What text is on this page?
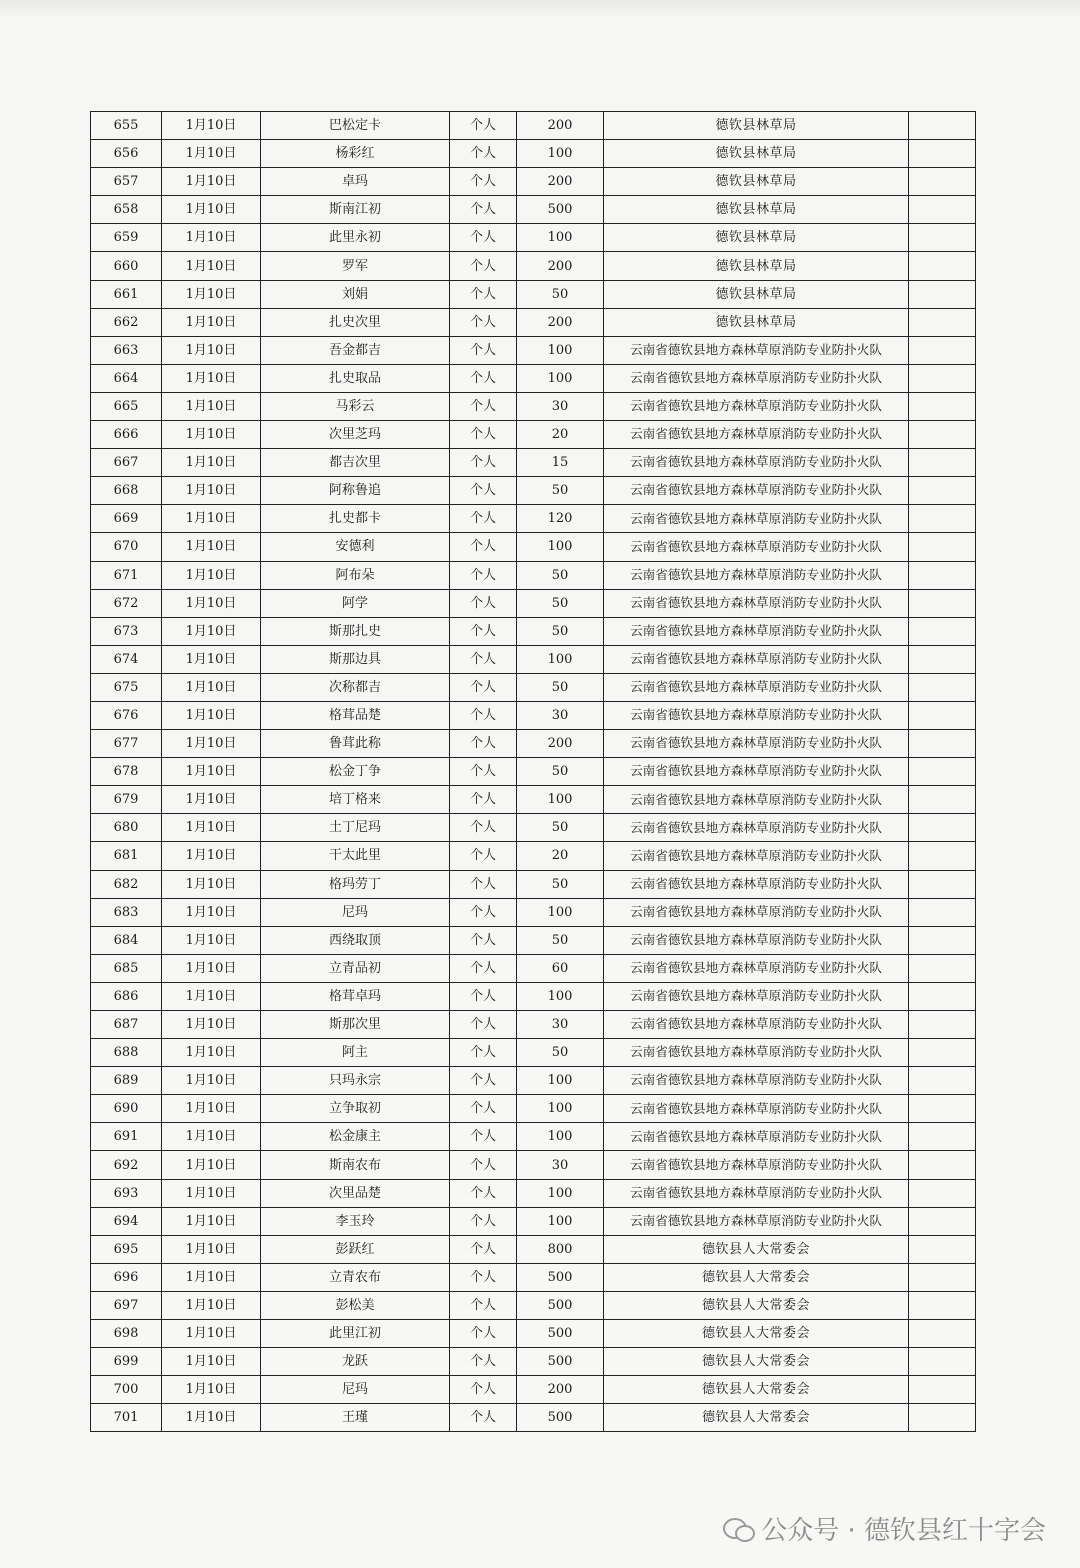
655	1月10日	巴松定卡	个人	200	德钦县林草局	
656	1月10日	杨彩红	个人	100	德钦县林草局	
657	1月10日	卓玛	个人	200	德钦县林草局	
658	1月10日	斯南江初	个人	500	德钦县林草局	
659	1月10日	此里永初	个人	100	德钦县林草局	
660	1月10日	罗军	个人	200	德钦县林草局	
661	1月10日	刘娟	个人	50	德钦县林草局	
662	1月10日	扎史次里	个人	200	德钦县林草局	
663	1月10日	吾金都吉	个人	100	云南省德钦县地方森林草原消防专业防扑火队	
664	1月10日	扎史取品	个人	100	云南省德钦县地方森林草原消防专业防扑火队	
665	1月10日	马彩云	个人	30	云南省德钦县地方森林草原消防专业防扑火队	
666	1月10日	次里芝玛	个人	20	云南省德钦县地方森林草原消防专业防扑火队	
667	1月10日	都吉次里	个人	15	云南省德钦县地方森林草原消防专业防扑火队	
668	1月10日	阿称鲁追	个人	50	云南省德钦县地方森林草原消防专业防扑火队	
669	1月10日	扎史都卡	个人	120	云南省德钦县地方森林草原消防专业防扑火队	
670	1月10日	安德利	个人	100	云南省德钦县地方森林草原消防专业防扑火队	
671	1月10日	阿布朵	个人	50	云南省德钦县地方森林草原消防专业防扑火队	
672	1月10日	阿学	个人	50	云南省德钦县地方森林草原消防专业防扑火队	
673	1月10日	斯那扎史	个人	50	云南省德钦县地方森林草原消防专业防扑火队	
674	1月10日	斯那边具	个人	100	云南省德钦县地方森林草原消防专业防扑火队	
675	1月10日	次称都吉	个人	50	云南省德钦县地方森林草原消防专业防扑火队	
676	1月10日	格茸品楚	个人	30	云南省德钦县地方森林草原消防专业防扑火队	
677	1月10日	鲁茸此称	个人	200	云南省德钦县地方森林草原消防专业防扑火队	
678	1月10日	松金丁争	个人	50	云南省德钦县地方森林草原消防专业防扑火队	
679	1月10日	培丁格来	个人	100	云南省德钦县地方森林草原消防专业防扑火队	
680	1月10日	土丁尼玛	个人	50	云南省德钦县地方森林草原消防专业防扑火队	
681	1月10日	干太此里	个人	20	云南省德钦县地方森林草原消防专业防扑火队	
682	1月10日	格玛劳丁	个人	50	云南省德钦县地方森林草原消防专业防扑火队	
683	1月10日	尼玛	个人	100	云南省德钦县地方森林草原消防专业防扑火队	
684	1月10日	西绕取顶	个人	50	云南省德钦县地方森林草原消防专业防扑火队	
685	1月10日	立青品初	个人	60	云南省德钦县地方森林草原消防专业防扑火队	
686	1月10日	格茸卓玛	个人	100	云南省德钦县地方森林草原消防专业防扑火队	
687	1月10日	斯那次里	个人	30	云南省德钦县地方森林草原消防专业防扑火队	
688	1月10日	阿主	个人	50	云南省德钦县地方森林草原消防专业防扑火队	
689	1月10日	只玛永宗	个人	100	云南省德钦县地方森林草原消防专业防扑火队	
690	1月10日	立争取初	个人	100	云南省德钦县地方森林草原消防专业防扑火队	
691	1月10日	松金康主	个人	100	云南省德钦县地方森林草原消防专业防扑火队	
692	1月10日	斯南农布	个人	30	云南省德钦县地方森林草原消防专业防扑火队	
693	1月10日	次里品楚	个人	100	云南省德钦县地方森林草原消防专业防扑火队	
694	1月10日	李玉玲	个人	100	云南省德钦县地方森林草原消防专业防扑火队	
695	1月10日	彭跃红	个人	800	德钦县人大常委会	
696	1月10日	立青农布	个人	500	德钦县人大常委会	
697	1月10日	彭松美	个人	500	德钦县人大常委会	
698	1月10日	此里江初	个人	500	德钦县人大常委会	
699	1月10日	龙跃	个人	500	德钦县人大常委会	
700	1月10日	尼玛	个人	200	德钦县人大常委会	
701	1月10日	王瑾	个人	500	德钦县人大常委会	
公众号 · 德钦县红十字会
